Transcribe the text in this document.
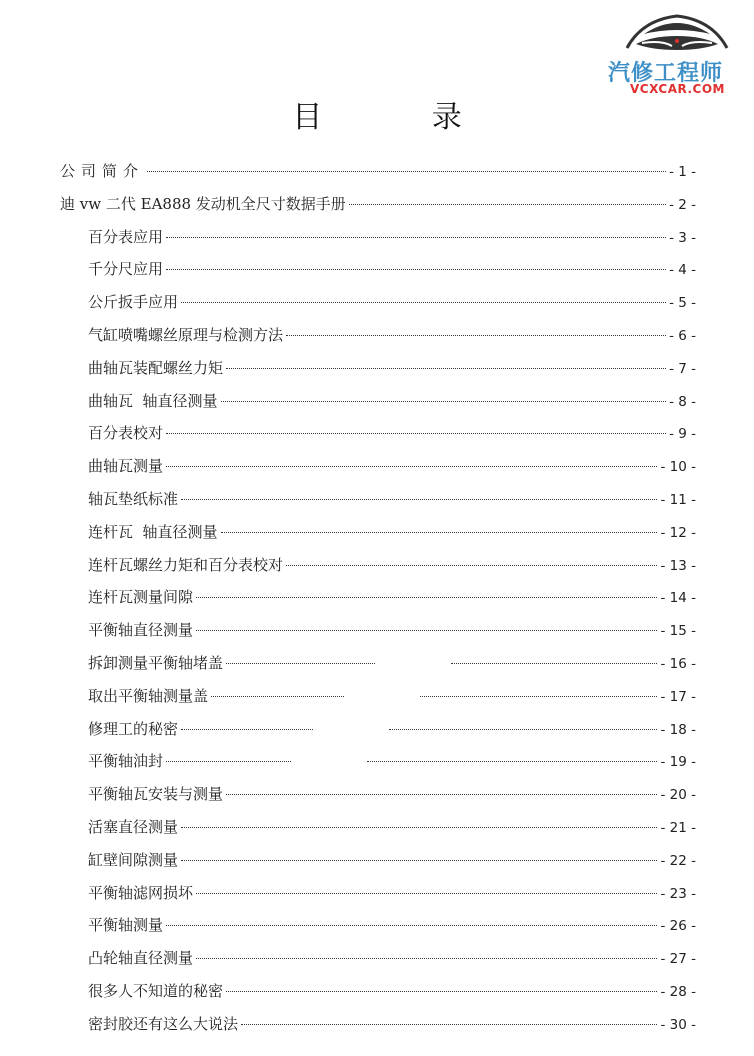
汽修工程师
VCXCAR.COM
目 录
公司简介	- 1 -
迪 vw 二代 EA888 发动机全尺寸数据手册	- 2 -
百分表应用	- 3 -
千分尺应用	- 4 -
公斤扳手应用	- 5 -
气缸喷嘴螺丝原理与检测方法	- 6 -
曲轴瓦装配螺丝力矩	- 7 -
曲轴瓦  轴直径测量	- 8 -
百分表校对	- 9 -
曲轴瓦测量	- 10 -
轴瓦垫纸标准	- 11 -
连杆瓦  轴直径测量	- 12 -
连杆瓦螺丝力矩和百分表校对	- 13 -
连杆瓦测量间隙	- 14 -
平衡轴直径测量	- 15 -
拆卸测量平衡轴堵盖	- 16 -
取出平衡轴测量盖	- 17 -
修理工的秘密	- 18 -
平衡轴油封	- 19 -
平衡轴瓦安装与测量	- 20 -
活塞直径测量	- 21 -
缸壁间隙测量	- 22 -
平衡轴滤网损坏	- 23 -
平衡轴测量	- 26 -
凸轮轴直径测量	- 27 -
很多人不知道的秘密	- 28 -
密封胶还有这么大说法	- 30 -
